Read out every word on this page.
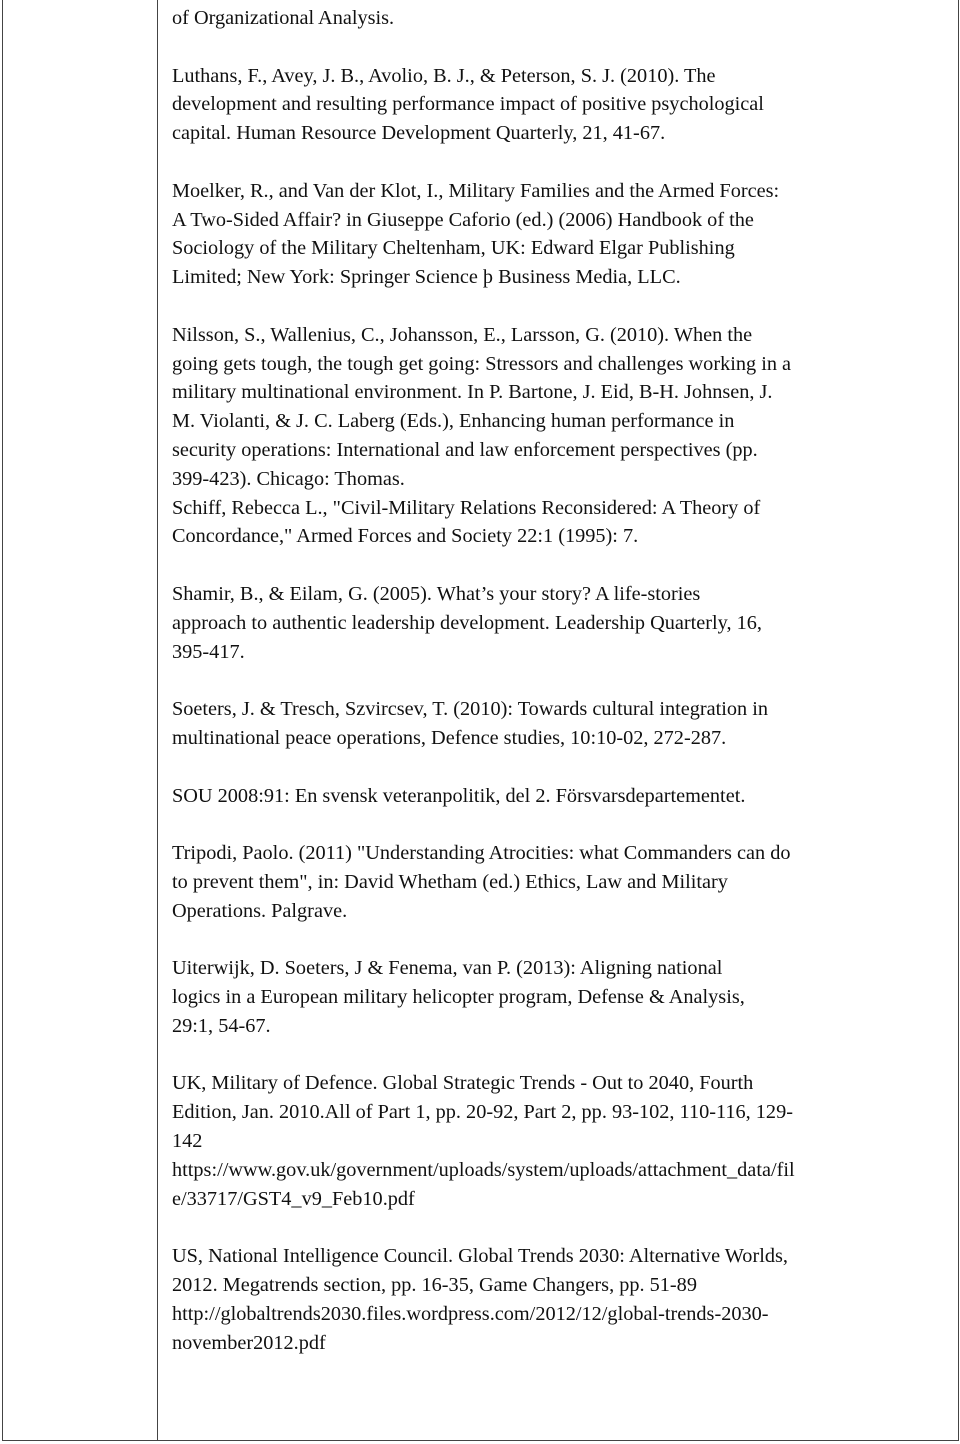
of Organizational Analysis.

Luthans, F., Avey, J. B., Avolio, B. J., & Peterson, S. J. (2010). The
development and resulting performance impact of positive psychological
capital. Human Resource Development Quarterly, 21, 41-67.

Moelker, R., and Van der Klot, I., Military Families and the Armed Forces:
A Two-Sided Affair? in Giuseppe Caforio (ed.) (2006) Handbook of the
Sociology of the Military Cheltenham, UK: Edward Elgar Publishing
Limited; New York: Springer Science þ Business Media, LLC.

Nilsson, S., Wallenius, C., Johansson, E., Larsson, G. (2010). When the
going gets tough, the tough get going: Stressors and challenges working in a
military multinational environment. In P. Bartone, J. Eid, B-H. Johnsen, J.
M. Violanti, & J. C. Laberg (Eds.), Enhancing human performance in
security operations: International and law enforcement perspectives (pp.
399-423). Chicago: Thomas.

Schiff, Rebecca L., "Civil-Military Relations Reconsidered: A Theory of
Concordance," Armed Forces and Society 22:1 (1995): 7.

Shamir, B., & Eilam, G. (2005). What’s your story? A life-stories
approach to authentic leadership development. Leadership Quarterly, 16,
395-417.

Soeters, J. & Tresch, Szvircsev, T. (2010): Towards cultural integration in
multinational peace operations, Defence studies, 10:10-02, 272-287.

SOU 2008:91: En svensk veteranpolitik, del 2. Försvarsdepartementet.

Tripodi, Paolo. (2011) "Understanding Atrocities: what Commanders can do
to prevent them", in: David Whetham (ed.) Ethics, Law and Military
Operations. Palgrave.

Uiterwijk, D. Soeters, J & Fenema, van P. (2013): Aligning national
logics in a European military helicopter program, Defense & Analysis,
29:1, 54-67.

UK, Military of Defence. Global Strategic Trends - Out to 2040, Fourth
Edition, Jan. 2010.All of Part 1, pp. 20-92, Part 2, pp. 93-102, 110-116, 129-
142
https://www.gov.uk/government/uploads/system/uploads/attachment_data/fil
e/33717/GST4_v9_Feb10.pdf

US, National Intelligence Council. Global Trends 2030: Alternative Worlds,
2012. Megatrends section, pp. 16-35, Game Changers, pp. 51-89
http://globaltrends2030.files.wordpress.com/2012/12/global-trends-2030-
november2012.pdf
